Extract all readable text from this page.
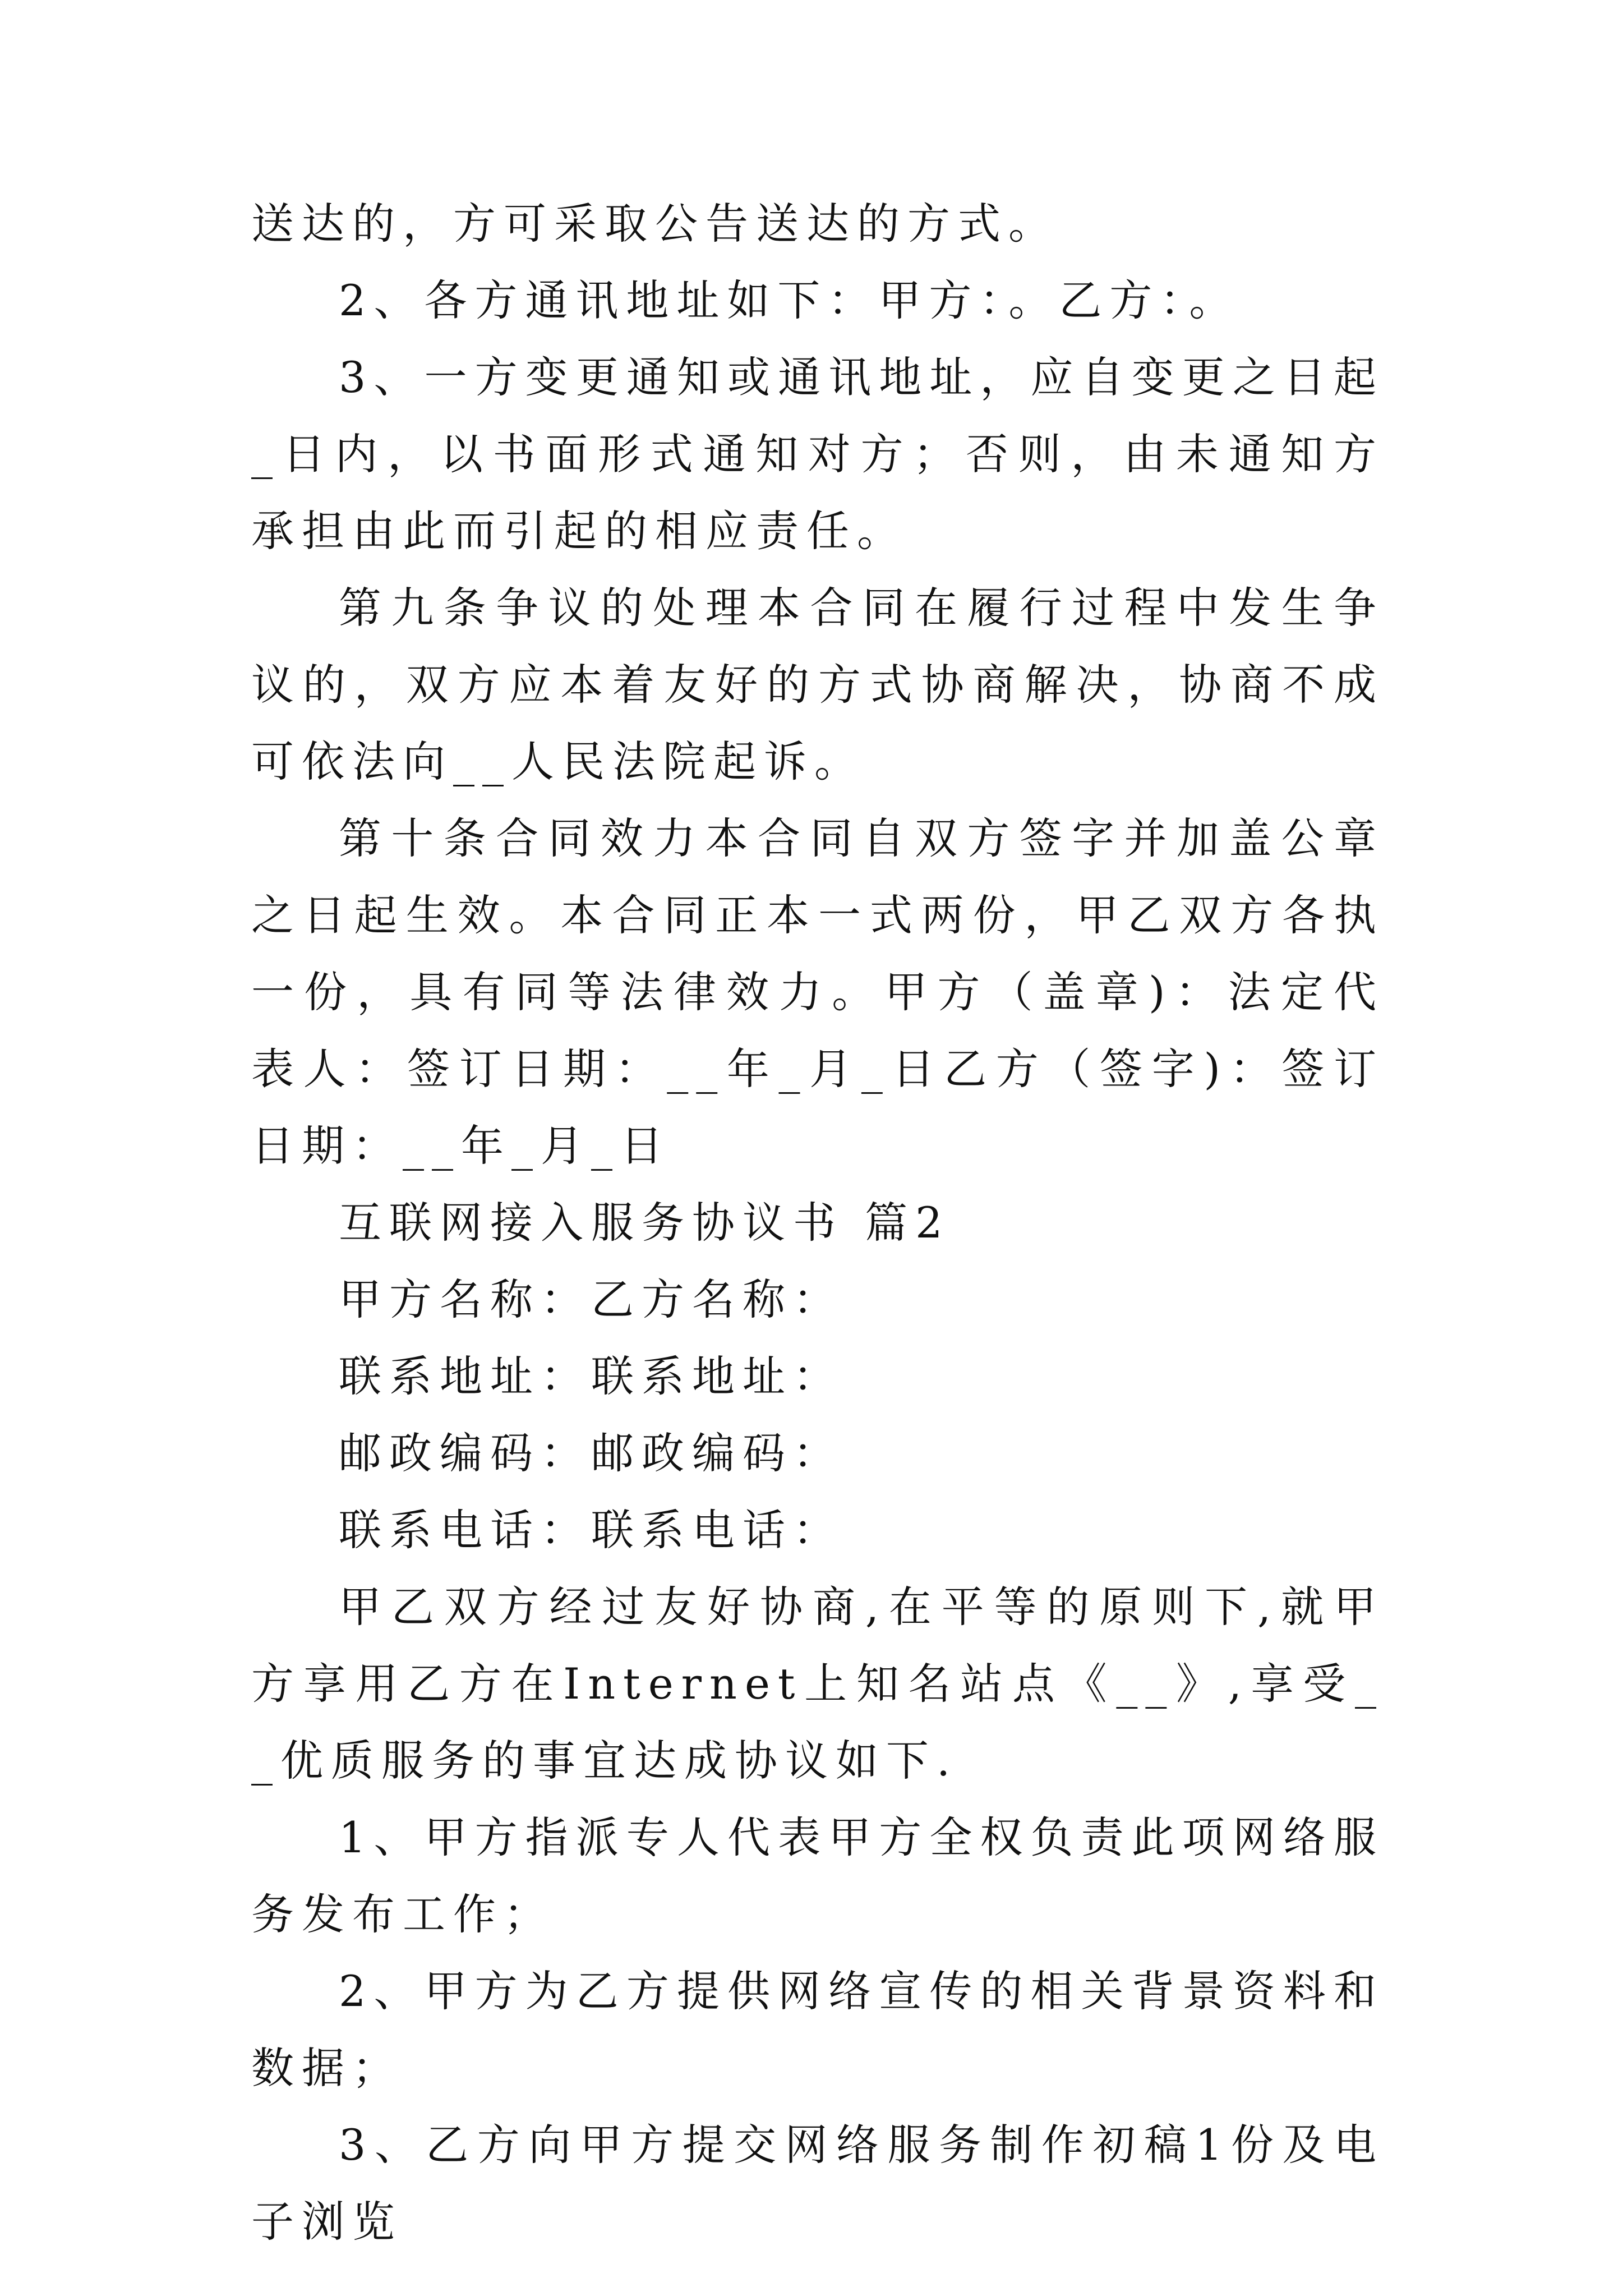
送达的，方可采取公告送达的方式。

2、各方通讯地址如下：甲方：。乙方：。

3、一方变更通知或通讯地址，应自变更之日起_日内，以书面形式通知对方；否则，由未通知方承担由此而引起的相应责任。

第九条争议的处理本合同在履行过程中发生争议的，双方应本着友好的方式协商解决，协商不成可依法向__人民法院起诉。

第十条合同效力本合同自双方签字并加盖公章之日起生效。本合同正本一式两份，甲乙双方各执一份，具有同等法律效力。甲方（盖章)：法定代表人：签订日期：__年_月_日乙方（签字)：签订日期：__年_月_日

互联网接入服务协议书 篇2

甲方名称：乙方名称：

联系地址：联系地址：

邮政编码：邮政编码：

联系电话：联系电话：

甲乙双方经过友好协商,在平等的原则下,就甲方享用乙方在Internet上知名站点《__》,享受__优质服务的事宜达成协议如下.

1、甲方指派专人代表甲方全权负责此项网络服务发布工作；

2、甲方为乙方提供网络宣传的相关背景资料和数据；

3、乙方向甲方提交网络服务制作初稿1份及电子浏览
